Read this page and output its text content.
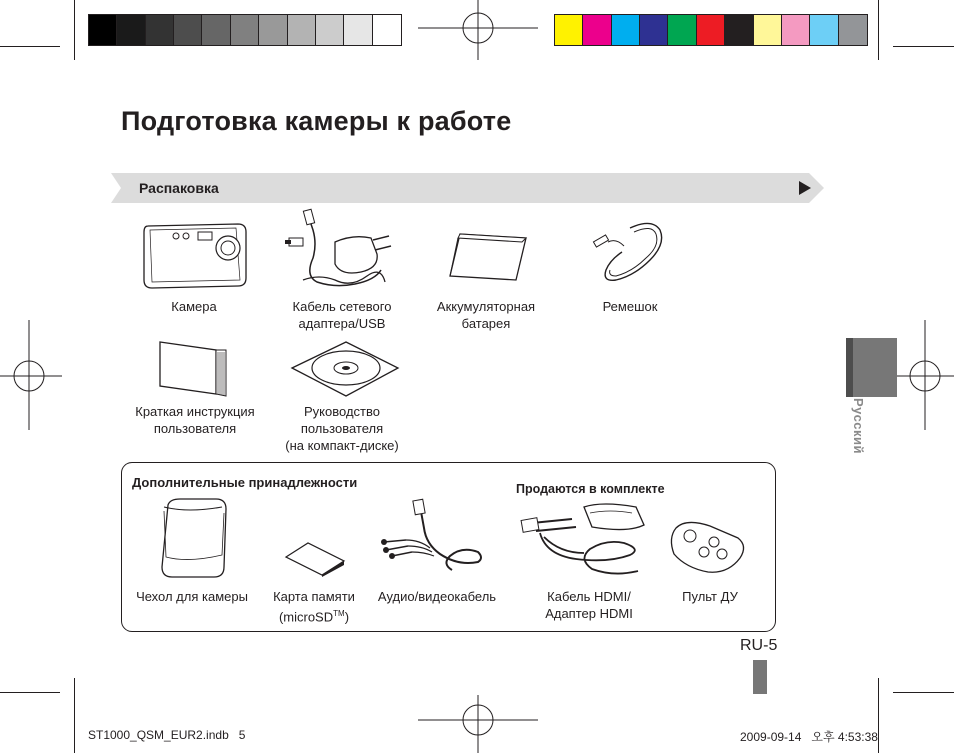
Подготовка камеры к работе
Распаковка
Камера	Кабель сетевого
адаптера/USB
Аккумуляторная
батарея
Ремешок
Краткая инструкция
пользователя
Руководство
пользователя
(на компакт-диске)
Дополнительные принадлежности	Продаются в комплекте
Чехол для камеры	Карта памяти
(microSD™)
Аудио/видеокабель	Кабель HDMI/
Адаптер HDMI
Пульт ДУ
Русский
RU-5
ST1000_QSM_EUR2.indb 5	2009-09-14   오후 4:53:38
